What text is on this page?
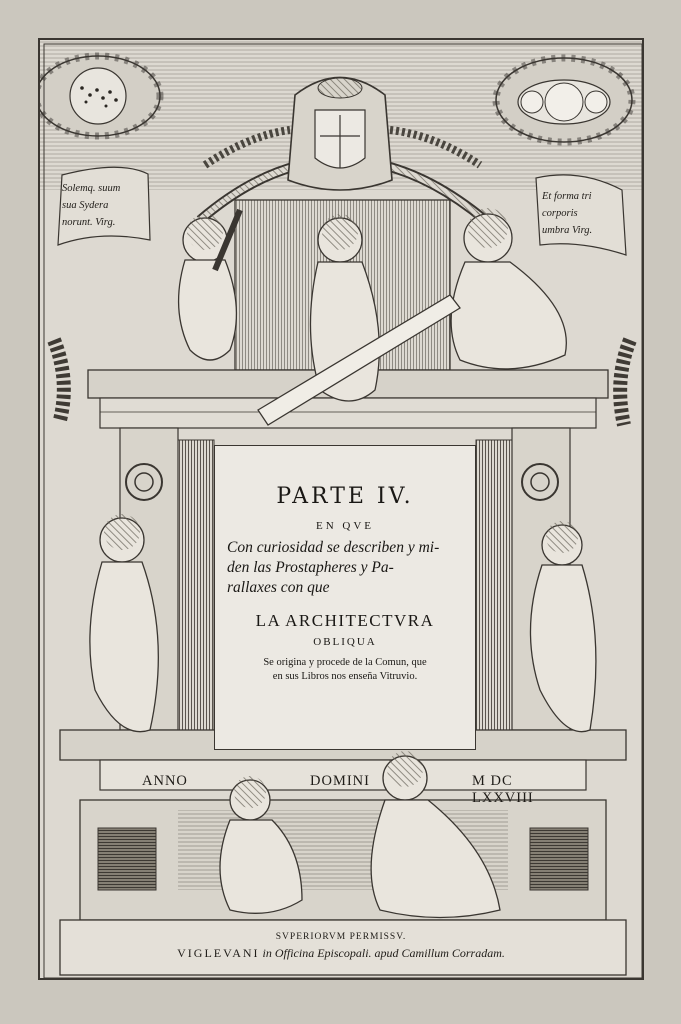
Solemq. suum
sua Sydera
norunt. Virg.
Et forma tri
corporis
umbra Virg.
PARTE IV.
EN QVE
Con curiosidad se describen y mi-
den las Prostapheres y Pa-
rallaxes con que
LA ARCHITECTVRA
OBLIQUA
Se origina y procede de la Comun, que
en sus Libros nos enseña Vitruvio.
ANNO	DOMINI	M DC LXXVIII
SVPERIORVM PERMISSV.
VIGLEVANI in Officina Episcopali. apud Camillum Corradam.
